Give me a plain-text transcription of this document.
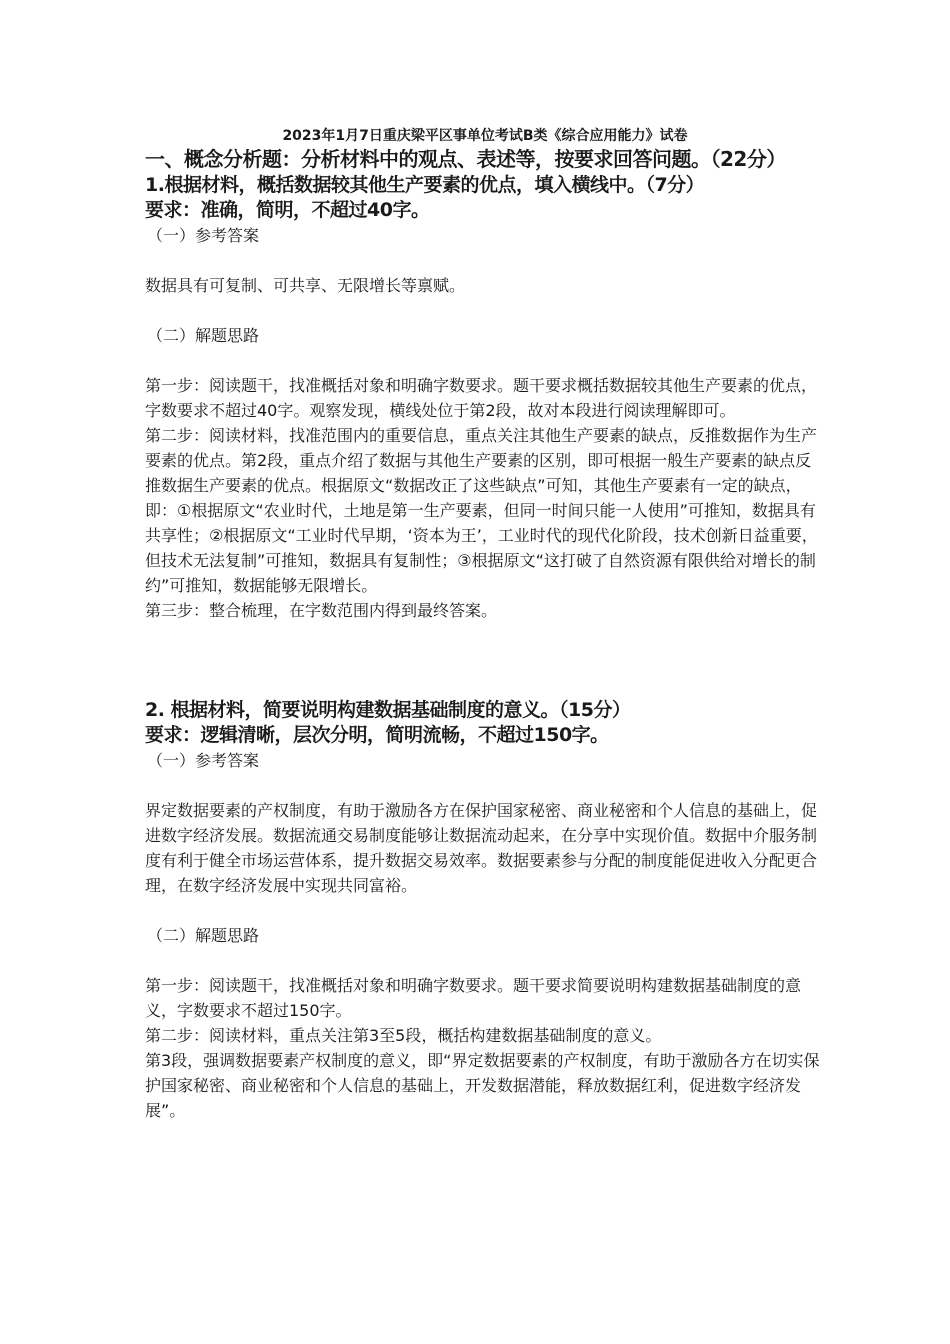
2023年1月7日重庆梁平区事单位考试B类《综合应用能力》试卷

一、概念分析题：分析材料中的观点、表述等，按要求回答问题。（22分）

1.根据材料，概括数据较其他生产要素的优点，填入横线中。（7分）

要求：准确，简明，不超过40字。

（一）参考答案

数据具有可复制、可共享、无限增长等禀赋。

（二）解题思路

第一步：阅读题干，找准概括对象和明确字数要求。题干要求概括数据较其他生产要素的优点，字数要求不超过40字。观察发现，横线处位于第2段，故对本段进行阅读理解即可。

第二步：阅读材料，找准范围内的重要信息，重点关注其他生产要素的缺点，反推数据作为生产要素的优点。第2段，重点介绍了数据与其他生产要素的区别，即可根据一般生产要素的缺点反推数据生产要素的优点。根据原文“数据改正了这些缺点”可知，其他生产要素有一定的缺点，即：①根据原文“农业时代，土地是第一生产要素，但同一时间只能一人使用”可推知，数据具有共享性；②根据原文“工业时代早期，‘资本为王’，工业时代的现代化阶段，技术创新日益重要，但技术无法复制”可推知，数据具有复制性；③根据原文“这打破了自然资源有限供给对增长的制约”可推知，数据能够无限增长。

第三步：整合梳理，在字数范围内得到最终答案。

2. 根据材料，简要说明构建数据基础制度的意义。（15分）

要求：逻辑清晰，层次分明，简明流畅，不超过150字。

（一）参考答案

界定数据要素的产权制度，有助于激励各方在保护国家秘密、商业秘密和个人信息的基础上，促进数字经济发展。数据流通交易制度能够让数据流动起来，在分享中实现价值。数据中介服务制度有利于健全市场运营体系，提升数据交易效率。数据要素参与分配的制度能促进收入分配更合理，在数字经济发展中实现共同富裕。

（二）解题思路

第一步：阅读题干，找准概括对象和明确字数要求。题干要求简要说明构建数据基础制度的意义，字数要求不超过150字。

第二步：阅读材料，重点关注第3至5段，概括构建数据基础制度的意义。

第3段，强调数据要素产权制度的意义，即“界定数据要素的产权制度，有助于激励各方在切实保护国家秘密、商业秘密和个人信息的基础上，开发数据潜能，释放数据红利，促进数字经济发展”。
